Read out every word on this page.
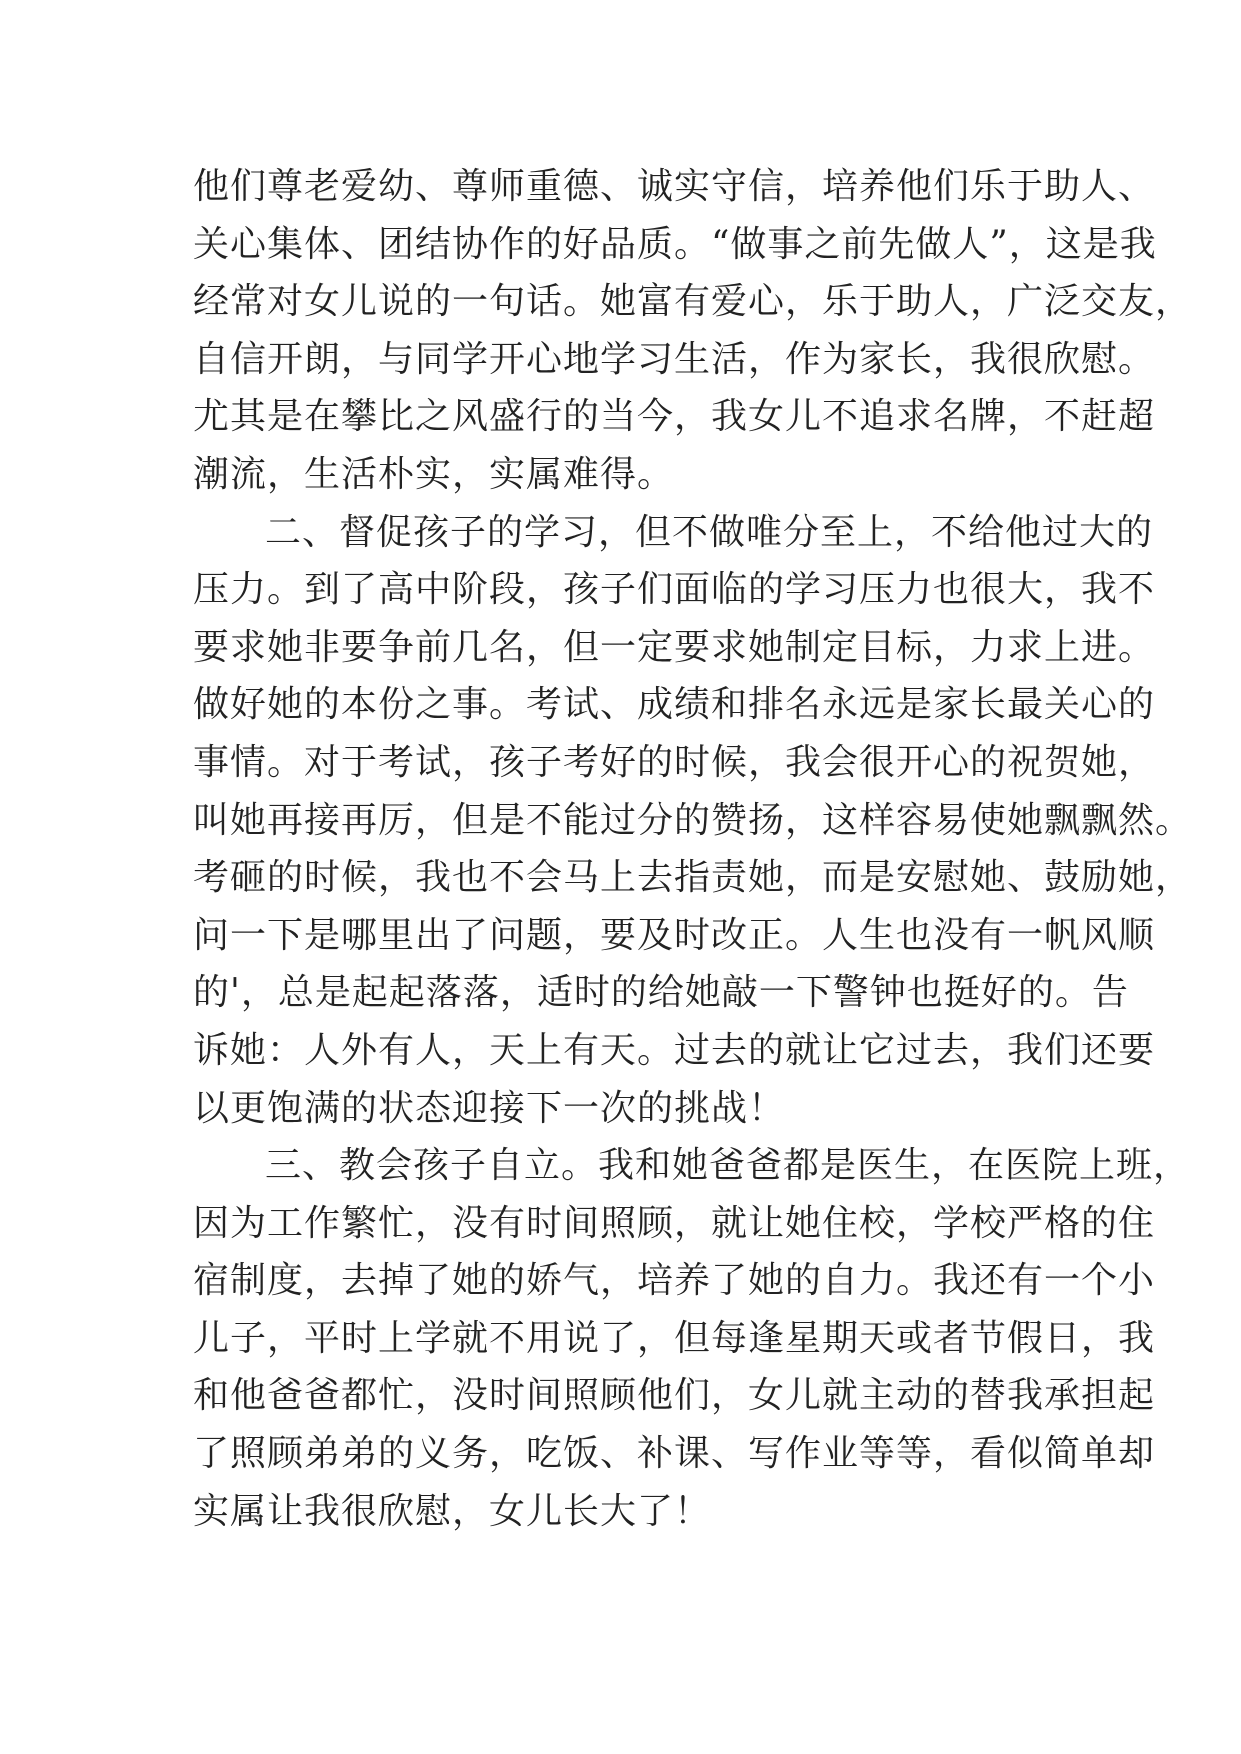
他们尊老爱幼、尊师重德、诚实守信，培养他们乐于助人、
关心集体、团结协作的好品质。“做事之前先做人”，这是我
经常对女儿说的一句话。她富有爱心，乐于助人，广泛交友，
自信开朗，与同学开心地学习生活，作为家长，我很欣慰。
尤其是在攀比之风盛行的当今，我女儿不追求名牌，不赶超
潮流，生活朴实，实属难得。
二、督促孩子的学习，但不做唯分至上，不给他过大的
压力。到了高中阶段，孩子们面临的学习压力也很大，我不
要求她非要争前几名，但一定要求她制定目标，力求上进。
做好她的本份之事。考试、成绩和排名永远是家长最关心的
事情。对于考试，孩子考好的时候，我会很开心的祝贺她，
叫她再接再厉，但是不能过分的赞扬，这样容易使她飘飘然。
考砸的时候，我也不会马上去指责她，而是安慰她、鼓励她，
问一下是哪里出了问题，要及时改正。人生也没有一帆风顺
的'，总是起起落落，适时的给她敲一下警钟也挺好的。告
诉她：人外有人，天上有天。过去的就让它过去，我们还要
以更饱满的状态迎接下一次的挑战！
三、教会孩子自立。我和她爸爸都是医生，在医院上班，
因为工作繁忙，没有时间照顾，就让她住校，学校严格的住
宿制度，去掉了她的娇气，培养了她的自力。我还有一个小
儿子，平时上学就不用说了，但每逢星期天或者节假日，我
和他爸爸都忙，没时间照顾他们，女儿就主动的替我承担起
了照顾弟弟的义务，吃饭、补课、写作业等等，看似简单却
实属让我很欣慰，女儿长大了！
